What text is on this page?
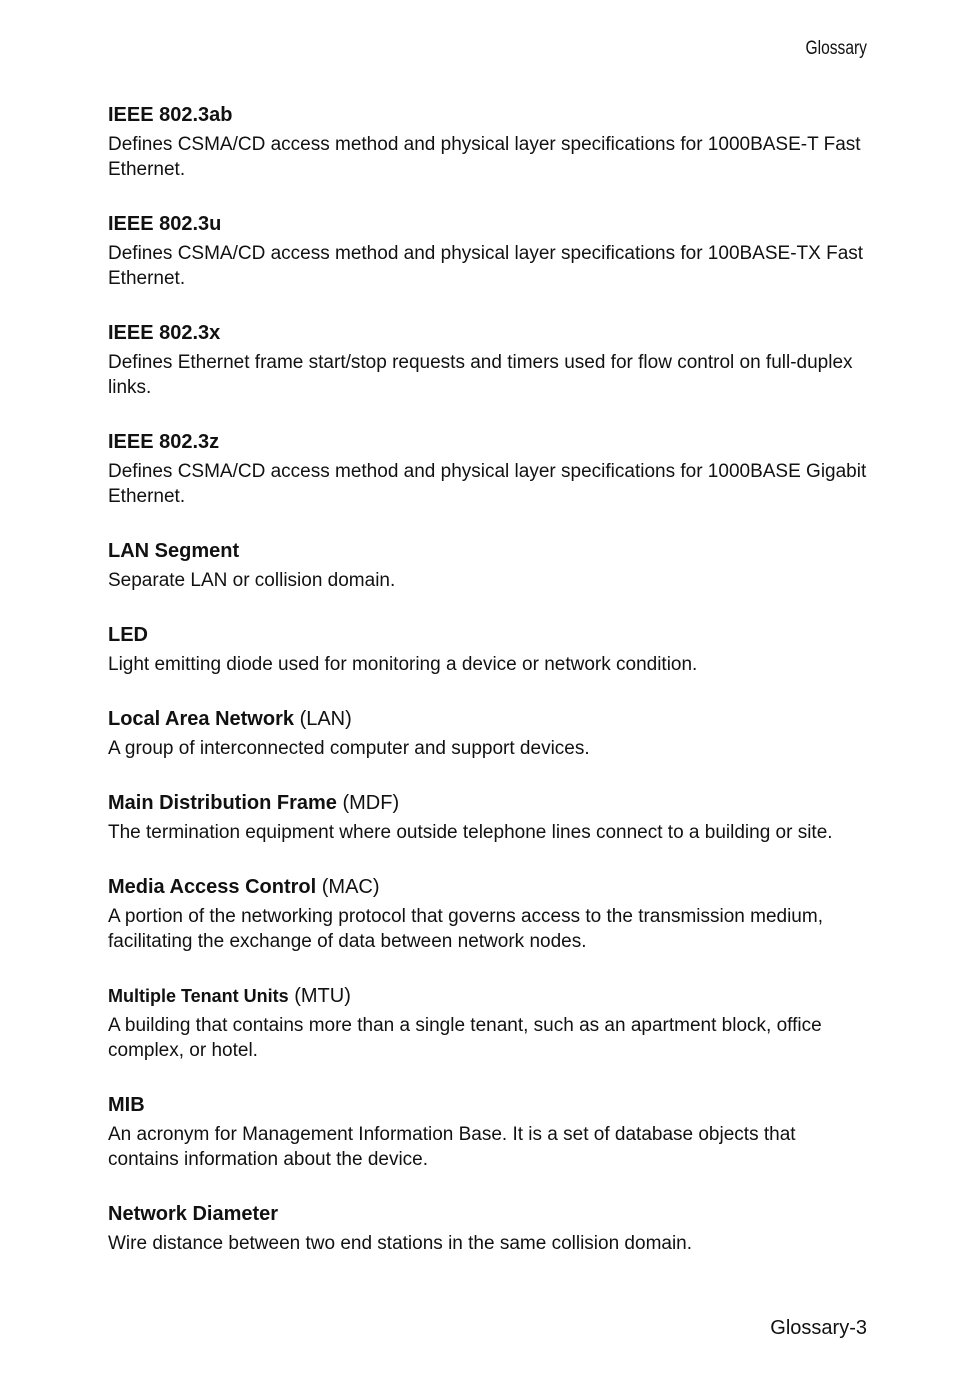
Glossary
IEEE 802.3ab

Defines CSMA/CD access method and physical layer specifications for 1000BASE-T Fast Ethernet.

IEEE 802.3u

Defines CSMA/CD access method and physical layer specifications for 100BASE-TX Fast Ethernet.

IEEE 802.3x

Defines Ethernet frame start/stop requests and timers used for flow control on full-duplex links.

IEEE 802.3z

Defines CSMA/CD access method and physical layer specifications for 1000BASE Gigabit Ethernet.

LAN Segment

Separate LAN or collision domain.

LED

Light emitting diode used for monitoring a device or network condition.

Local Area Network (LAN)

A group of interconnected computer and support devices.

Main Distribution Frame (MDF)

The termination equipment where outside telephone lines connect to a building or site.

Media Access Control (MAC)

A portion of the networking protocol that governs access to the transmission medium, facilitating the exchange of data between network nodes.

Multiple Tenant Units (MTU)

A building that contains more than a single tenant, such as an apartment block, office complex, or hotel.

MIB

An acronym for Management Information Base. It is a set of database objects that contains information about the device.

Network Diameter

Wire distance between two end stations in the same collision domain.

Glossary-3
